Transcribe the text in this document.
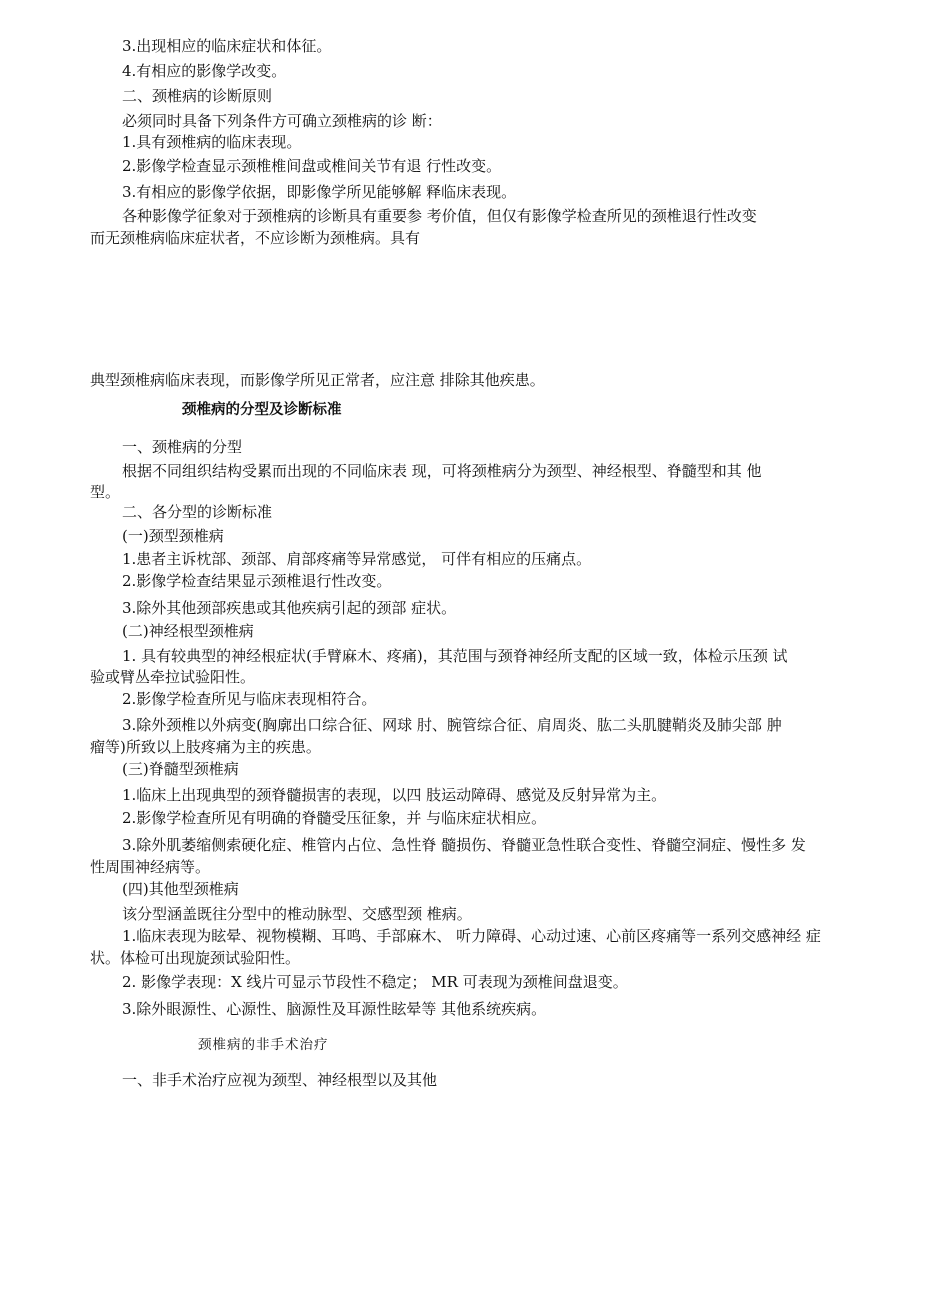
3.出现相应的临床症状和体征。
4.有相应的影像学改变。
二、颈椎病的诊断原则
必须同时具备下列条件方可确立颈椎病的诊 断：
1.具有颈椎病的临床表现。
2.影像学检查显示颈椎椎间盘或椎间关节有退 行性改变。
3.有相应的影像学依据，即影像学所见能够解 释临床表现。
各种影像学征象对于颈椎病的诊断具有重要参 考价值，但仅有影像学检查所见的颈椎退行性改变
而无颈椎病临床症状者，不应诊断为颈椎病。具有
典型颈椎病临床表现，而影像学所见正常者，应注意 排除其他疾患。
颈椎病的分型及诊断标准
一、颈椎病的分型
根据不同组织结构受累而出现的不同临床表 现，可将颈椎病分为颈型、神经根型、脊髓型和其 他
型。
二、各分型的诊断标准
(一)颈型颈椎病
1.患者主诉枕部、颈部、肩部疼痛等异常感觉， 可伴有相应的压痛点。
2.影像学检查结果显示颈椎退行性改变。
3.除外其他颈部疾患或其他疾病引起的颈部 症状。
(二)神经根型颈椎病
1. 具有较典型的神经根症状(手臂麻木、疼痛)，其范围与颈脊神经所支配的区域一致，体检示压颈 试
验或臂丛牵拉试验阳性。
2.影像学检查所见与临床表现相符合。
3.除外颈椎以外病变(胸廓出口综合征、网球 肘、腕管综合征、肩周炎、肱二头肌腱鞘炎及肺尖部 肿
瘤等)所致以上肢疼痛为主的疾患。
(三)脊髓型颈椎病
1.临床上出现典型的颈脊髓损害的表现，以四 肢运动障碍、感觉及反射异常为主。
2.影像学检查所见有明确的脊髓受压征象，并 与临床症状相应。
3.除外肌萎缩侧索硬化症、椎管内占位、急性脊 髓损伤、脊髓亚急性联合变性、脊髓空洞症、慢性多 发
性周围神经病等。
(四)其他型颈椎病
该分型涵盖既往分型中的椎动脉型、交感型颈 椎病。
1.临床表现为眩晕、视物模糊、耳鸣、手部麻木、 听力障碍、心动过速、心前区疼痛等一系列交感神经 症
状。体检可出现旋颈试验阳性。
2. 影像学表现：X 线片可显示节段性不稳定； MR 可表现为颈椎间盘退变。
3.除外眼源性、心源性、脑源性及耳源性眩晕等 其他系统疾病。
颈椎病的非手术治疗
一、非手术治疗应视为颈型、神经根型以及其他
